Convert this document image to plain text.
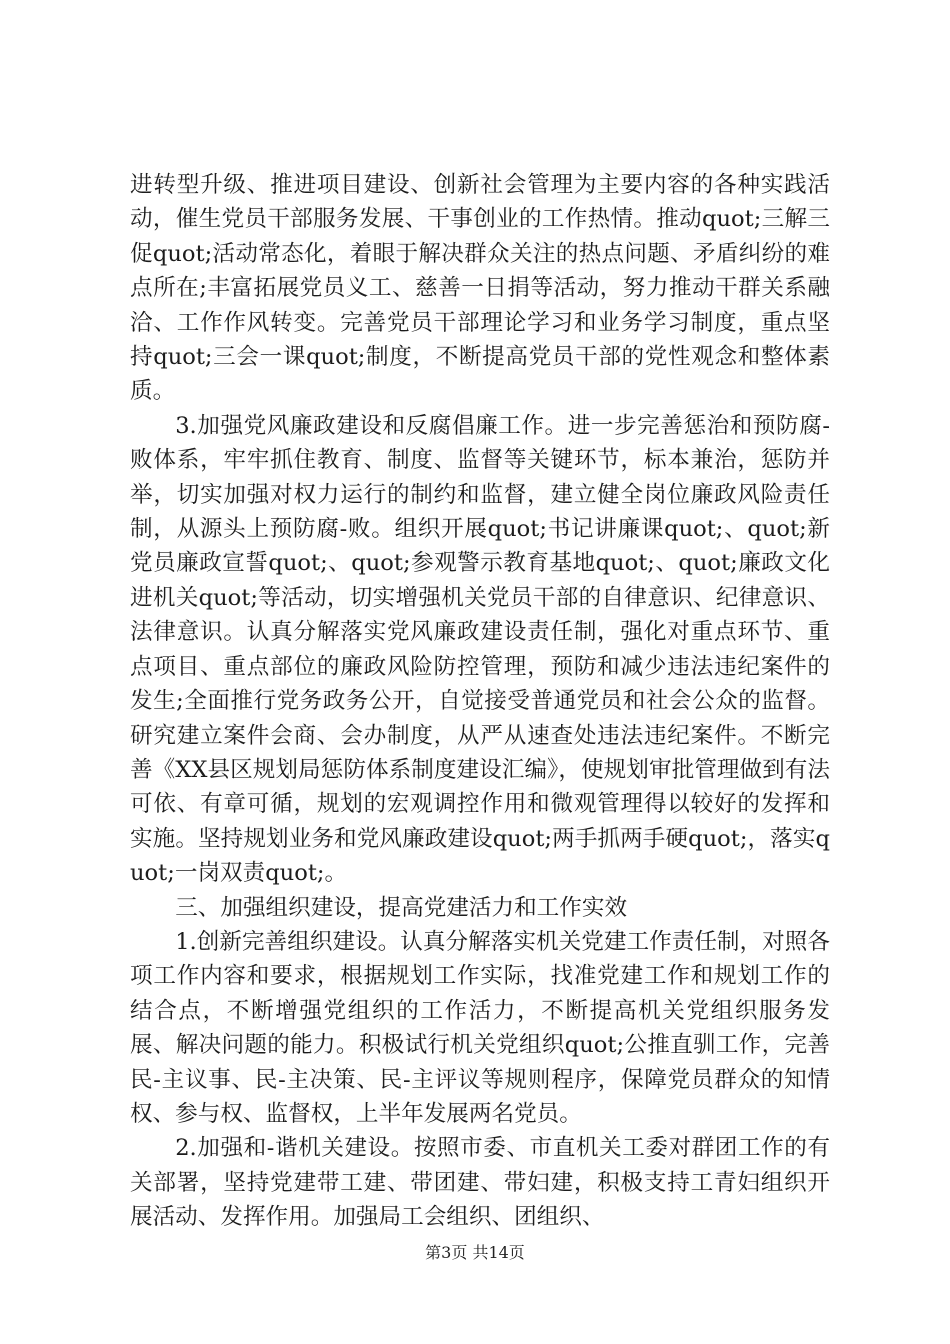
进转型升级、推进项目建设、创新社会管理为主要内容的各种实践活动，催生党员干部服务发展、干事创业的工作热情。推动quot;三解三促quot;活动常态化，着眼于解决群众关注的热点问题、矛盾纠纷的难点所在;丰富拓展党员义工、慈善一日捐等活动，努力推动干群关系融洽、工作作风转变。完善党员干部理论学习和业务学习制度，重点坚持quot;三会一课quot;制度，不断提高党员干部的党性观念和整体素质。

3.加强党风廉政建设和反腐倡廉工作。进一步完善惩治和预防腐-败体系，牢牢抓住教育、制度、监督等关键环节，标本兼治，惩防并举，切实加强对权力运行的制约和监督，建立健全岗位廉政风险责任制，从源头上预防腐-败。组织开展quot;书记讲廉课quot;、quot;新党员廉政宣誓quot;、quot;参观警示教育基地quot;、quot;廉政文化进机关quot;等活动，切实增强机关党员干部的自律意识、纪律意识、法律意识。认真分解落实党风廉政建设责任制，强化对重点环节、重点项目、重点部位的廉政风险防控管理，预防和减少违法违纪案件的发生;全面推行党务政务公开，自觉接受普通党员和社会公众的监督。研究建立案件会商、会办制度，从严从速查处违法违纪案件。不断完善《XX县区规划局惩防体系制度建设汇编》，使规划审批管理做到有法可依、有章可循，规划的宏观调控作用和微观管理得以较好的发挥和实施。坚持规划业务和党风廉政建设quot;两手抓两手硬quot;，落实quot;一岗双责quot;。

三、加强组织建设，提高党建活力和工作实效

1.创新完善组织建设。认真分解落实机关党建工作责任制，对照各项工作内容和要求，根据规划工作实际，找准党建工作和规划工作的结合点，不断增强党组织的工作活力，不断提高机关党组织服务发展、解决问题的能力。积极试行机关党组织quot;公推直驯工作，完善民-主议事、民-主决策、民-主评议等规则程序，保障党员群众的知情权、参与权、监督权，上半年发展两名党员。

2.加强和-谐机关建设。按照市委、市直机关工委对群团工作的有关部署，坚持党建带工建、带团建、带妇建，积极支持工青妇组织开展活动、发挥作用。加强局工会组织、团组织、

第3页 共14页
